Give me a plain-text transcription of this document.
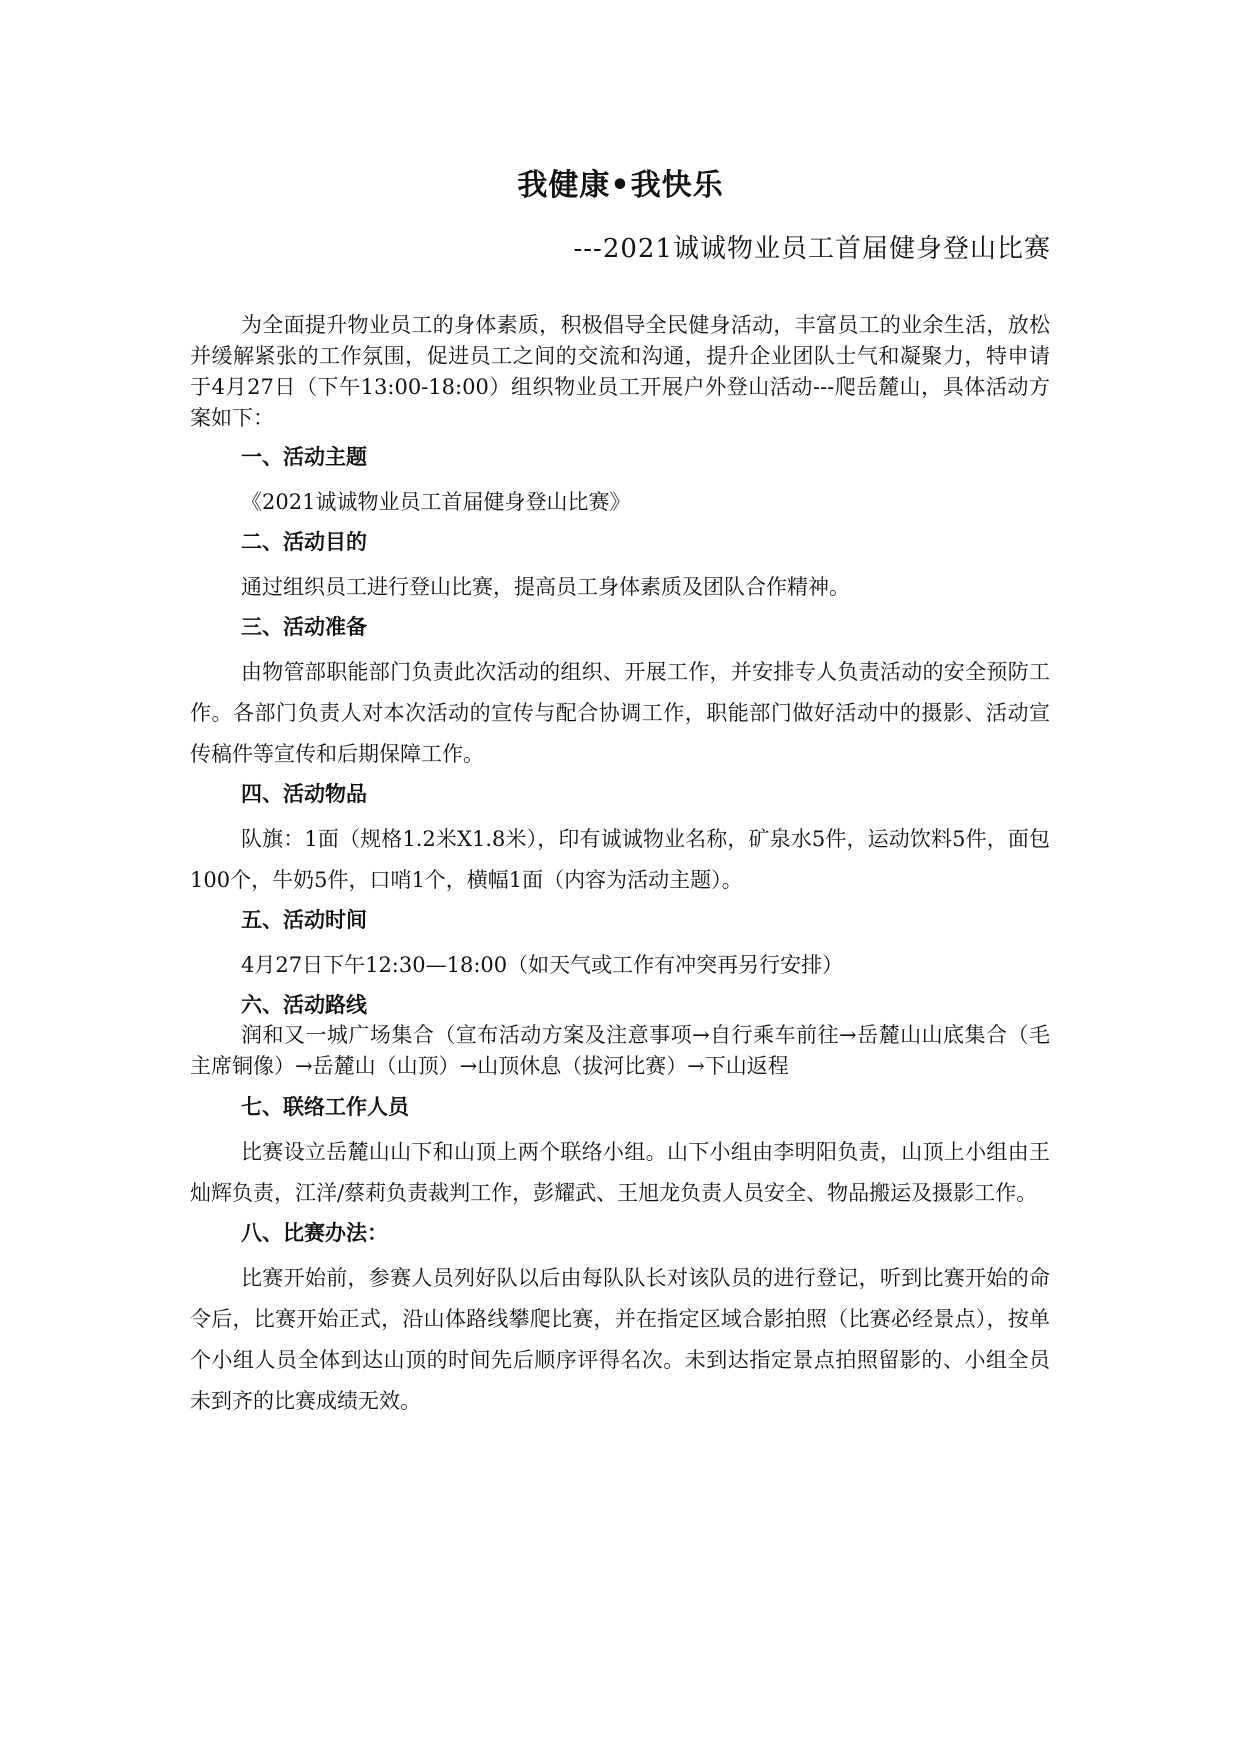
我健康•我快乐
---2021诚诚物业员工首届健身登山比赛

为全面提升物业员工的身体素质，积极倡导全民健身活动，丰富员工的业余生活，放松并缓解紧张的工作氛围，促进员工之间的交流和沟通，提升企业团队士气和凝聚力，特申请于4月27日（下午13:00-18:00）组织物业员工开展户外登山活动---爬岳麓山，具体活动方案如下：

一、活动主题

《2021诚诚物业员工首届健身登山比赛》

二、活动目的

通过组织员工进行登山比赛，提高员工身体素质及团队合作精神。

三、活动准备

由物管部职能部门负责此次活动的组织、开展工作，并安排专人负责活动的安全预防工作。各部门负责人对本次活动的宣传与配合协调工作，职能部门做好活动中的摄影、活动宣传稿件等宣传和后期保障工作。

四、活动物品

队旗：1面（规格1.2米X1.8米），印有诚诚物业名称，矿泉水5件，运动饮料5件，面包100个，牛奶5件，口哨1个，横幅1面（内容为活动主题）。

五、活动时间

4月27日下午12:30—18:00（如天气或工作有冲突再另行安排）

六、活动路线

润和又一城广场集合（宣布活动方案及注意事项→自行乘车前往→岳麓山山底集合（毛主席铜像）→岳麓山（山顶）→山顶休息（拔河比赛）→下山返程

七、联络工作人员

比赛设立岳麓山山下和山顶上两个联络小组。山下小组由李明阳负责，山顶上小组由王灿辉负责，江洋/蔡莉负责裁判工作，彭耀武、王旭龙负责人员安全、物品搬运及摄影工作。

八、比赛办法：

比赛开始前，参赛人员列好队以后由每队队长对该队员的进行登记，听到比赛开始的命令后，比赛开始正式，沿山体路线攀爬比赛，并在指定区域合影拍照（比赛必经景点），按单个小组人员全体到达山顶的时间先后顺序评得名次。未到达指定景点拍照留影的、小组全员未到齐的比赛成绩无效。
